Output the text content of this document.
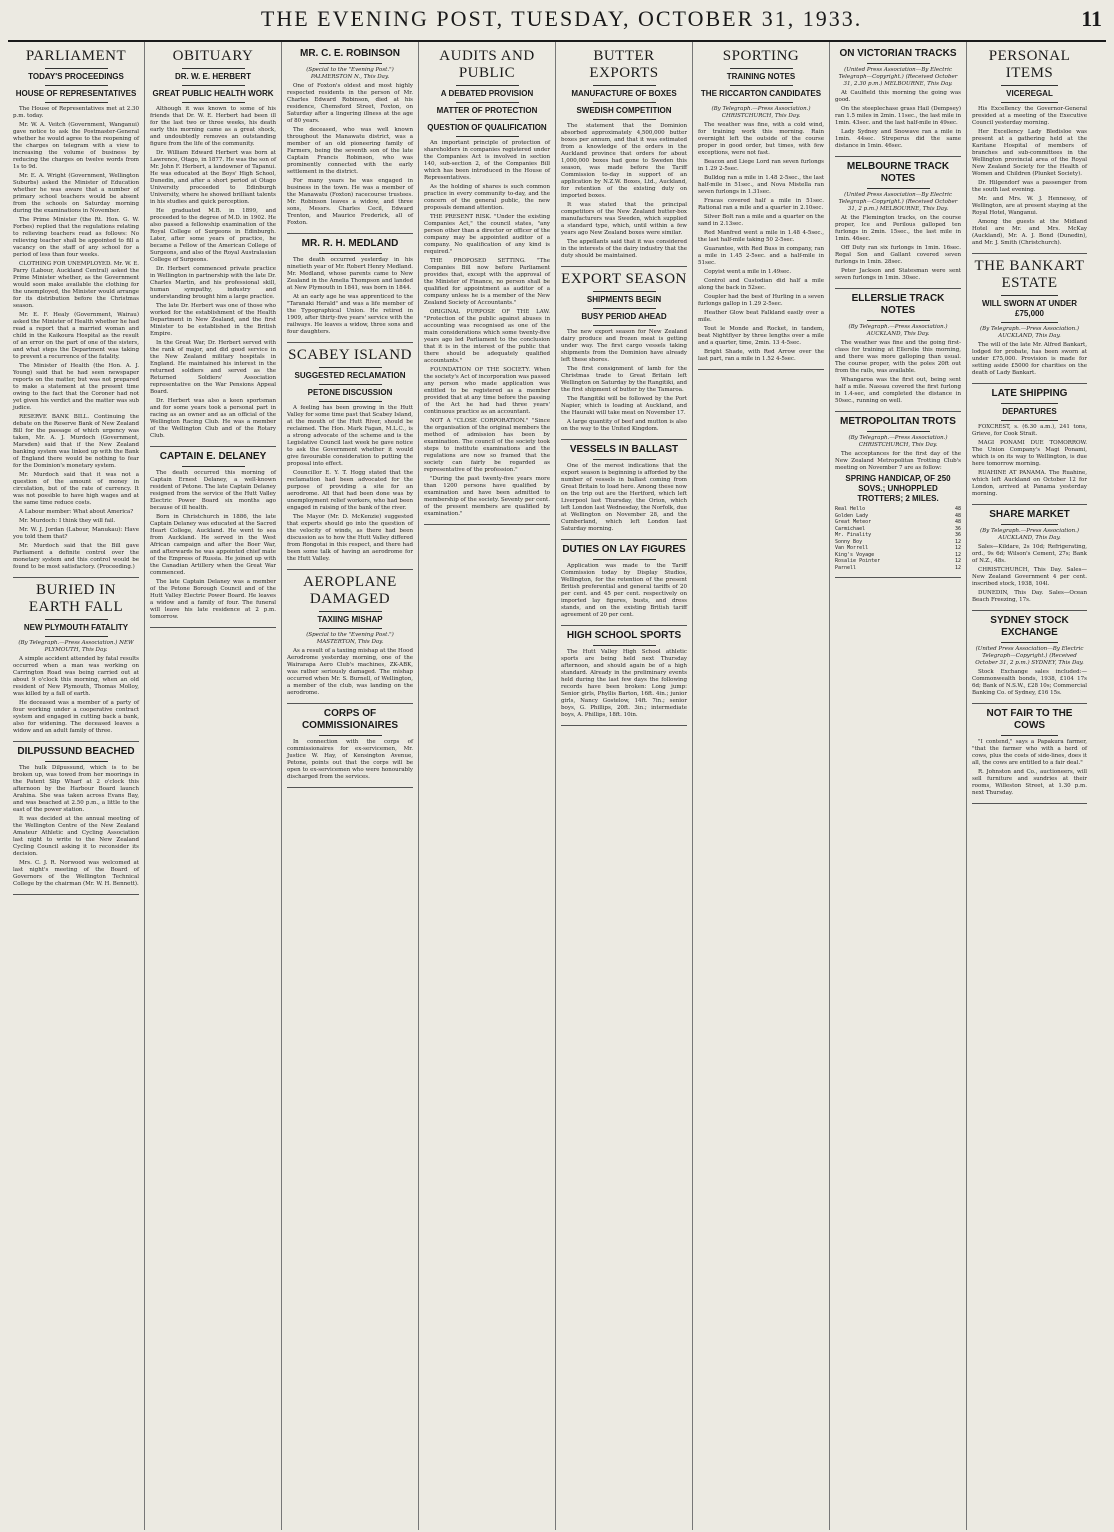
THE EVENING POST, TUESDAY, OCTOBER 31, 1933.	11
PARLIAMENT
TODAY'S PROCEEDINGS
HOUSE OF REPRESENTATIVES

The House of Representatives met at 2.30 p.m. today.

Mr. W. A. Veitch (Government, Wanganui) gave notice to ask the Postmaster-General whether he would agree to the reopening of the charges on telegram with a view to increasing the volume of business by reducing the charges on twelve words from 1s to 9d.

Mr. E. A. Wright (Government, Wellington Suburbs) asked the Minister of Education whether he was aware that a number of primary school teachers would be absent from the schools on Saturday morning during the examinations in November.

The Prime Minister (the Rt. Hon. G. W. Forbes) replied that the regulations relating to relieving teachers read as follows: No relieving teacher shall be appointed to fill a vacancy on the staff of any school for a period of less than four weeks.

CLOTHING FOR UNEMPLOYED. Mr. W. E. Parry (Labour, Auckland Central) asked the Prime Minister whether, as the Government would soon make available the clothing for the unemployed, the Minister would arrange for its distribution before the Christmas season.

Mr. E. F. Healy (Government, Wairau) asked the Minister of Health whether he had read a report that a married woman and child in the Kaikoura Hospital as the result of an error on the part of one of the sisters, and what steps the Department was taking to prevent a recurrence of the fatality.

The Minister of Health (the Hon. A. J. Young) said that he had seen newspaper reports on the matter, but was not prepared to make a statement at the present time owing to the fact that the Coroner had not yet given his verdict and the matter was sub judice.

RESERVE BANK BILL. Continuing the debate on the Reserve Bank of New Zealand Bill for the passage of which urgency was taken, Mr. A. J. Murdoch (Government, Marsden) said that if the New Zealand banking system was linked up with the Bank of England there would be nothing to fear for the Dominion's monetary system.

Mr. Murdoch said that it was not a question of the amount of money in circulation, but of the rate of currency. It was not possible to have high wages and at the same time reduce costs.

A Labour member: What about America?

Mr. Murdoch: I think they will fail.

Mr. W. J. Jordan (Labour, Manukau): Have you told them that?

Mr. Murdoch said that the Bill gave Parliament a definite control over the monetary system and this control would be found to be most satisfactory. (Proceeding.)

BURIED IN EARTH FALL
NEW PLYMOUTH FATALITY
(By Telegraph.—Press Association.) NEW PLYMOUTH, This Day.

A simple accident attended by fatal results occurred when a man was working on Carrington Road was being carried out at about 9 o'clock this morning, when an old resident of New Plymouth, Thomas Molloy, was killed by a fall of earth.

He deceased was a member of a party of four working under a cooperative contract system and engaged in cutting back a bank, also for widening. The deceased leaves a widow and an adult family of three.

DILPUSSUND BEACHED

The hulk Dilpussund, which is to be broken up, was towed from her moorings in the Patent Slip Wharf at 2 o'clock this afternoon by the Harbour Board launch Arahina. She was taken across Evans Bay, and was beached at 2.50 p.m., a little to the east of the power station.

It was decided at the annual meeting of the Wellington Centre of the New Zealand Amateur Athletic and Cycling Association last night to write to the New Zealand Cycling Council asking it to reconsider its decision.

Mrs. C. J. R. Norwood was welcomed at last night's meeting of the Board of Governors of the Wellington Technical College by the chairman (Mr. W. H. Bennett).

OBITUARY
DR. W. E. HERBERT
GREAT PUBLIC HEALTH WORK

Although it was known to some of his friends that Dr. W. E. Herbert had been ill for the last two or three weeks, his death early this morning came as a great shock, and undoubtedly removes an outstanding figure from the life of the community.

Dr. William Edward Herbert was born at Lawrence, Otago, in 1877. He was the son of Mr. John F. Herbert, a landowner of Tapanui. He was educated at the Boys' High School, Dunedin, and after a short period at Otago University proceeded to Edinburgh University, where he showed brilliant talents in his studies and quick perception.

He graduated M.B. in 1899, and proceeded to the degree of M.D. in 1902. He also passed a fellowship examination of the Royal College of Surgeons in Edinburgh. Later, after some years of practice, he became a Fellow of the American College of Surgeons, and also of the Royal Australasian College of Surgeons.

Dr. Herbert commenced private practice in Wellington in partnership with the late Dr. Charles Martin, and his professional skill, human sympathy, industry and understanding brought him a large practice.

The late Dr. Herbert was one of those who worked for the establishment of the Health Department in New Zealand, and the first Minister to be established in the British Empire.

In the Great War, Dr. Herbert served with the rank of major, and did good service in the New Zealand military hospitals in England. He maintained his interest in the returned soldiers and served as the Returned Soldiers' Association representative on the War Pensions Appeal Board.

Dr. Herbert was also a keen sportsman and for some years took a personal part in racing as an owner and as an official of the Wellington Racing Club. He was a member of the Wellington Club and of the Rotary Club.

CAPTAIN E. DELANEY

The death occurred this morning of Captain Ernest Delaney, a well-known resident of Petone. The late Captain Delaney resigned from the service of the Hutt Valley Electric Power Board six months ago because of ill health.

Born in Christchurch in 1886, the late Captain Delaney was educated at the Sacred Heart College, Auckland. He went to sea from Auckland. He served in the West African campaign and after the Boer War, and afterwards he was appointed chief mate of the Empress of Russia. He joined up with the Canadian Artillery when the Great War commenced.

The late Captain Delaney was a member of the Petone Borough Council and of the Hutt Valley Electric Power Board. He leaves a widow and a family of four. The funeral will leave his late residence at 2 p.m. tomorrow.

MR. C. E. ROBINSON
(Special to the "Evening Post.") PALMERSTON N., This Day.

One of Foxton's oldest and most highly respected residents in the person of Mr. Charles Edward Robinson, died at his residence, Chemsford Street, Foxton, on Saturday after a lingering illness at the age of 80 years.

The deceased, who was well known throughout the Manawatu district, was a member of an old pioneering family of Farmers, being the seventh son of the late Captain Francis Robinson, who was prominently connected with the early settlement in the district.

For many years he was engaged in business in the town. He was a member of the Manawatu (Foxton) racecourse trustees. Mr. Robinson leaves a widow, and three sons, Messrs. Charles Cecil, Edward Trenton, and Maurice Frederick, all of Foxton.

MR. R. H. MEDLAND

The death occurred yesterday in his ninetieth year of Mr. Robert Henry Medland. Mr. Medland, whose parents came to New Zealand in the Amelia Thompson and landed at New Plymouth in 1841, was born in 1844.

At an early age he was apprenticed to the "Taranaki Herald" and was a life member of the Typographical Union. He retired in 1909, after thirty-five years' service with the railways. He leaves a widow, three sons and four daughters.

SCABEY ISLAND
SUGGESTED RECLAMATION
PETONE DISCUSSION

A feeling has been growing in the Hutt Valley for some time past that Scabey Island, at the mouth of the Hutt River, should be reclaimed. The Hon. Mark Fagan, M.L.C., is a strong advocate of the scheme and is the Legislative Council last week he gave notice to ask the Government whether it would give favourable consideration to putting the proposal into effect.

Councillor E. Y. T. Hogg stated that the reclamation had been advocated for the purpose of providing a site for an aerodrome. All that had been done was by unemployment relief workers, who had been engaged in raising of the bank of the river.

The Mayor (Mr. D. McKenzie) suggested that experts should go into the question of the velocity of winds, as there had been discussion as to how the Hutt Valley differed from Rongotai in this respect, and there had been some talk of having an aerodrome for the Hutt Valley.

AEROPLANE DAMAGED
TAXIING MISHAP
(Special to the "Evening Post.") MASTERTON, This Day.

As a result of a taxiing mishap at the Hood Aerodrome yesterday morning, one of the Wairarapa Aero Club's machines, ZK-ABK, was rather seriously damaged. The mishap occurred when Mr. S. Burnell, of Wellington, a member of the club, was landing on the aerodrome.

CORPS OF COMMISSIONAIRES

In connection with the corps of commissionaires for ex-servicemen, Mr. Justice W. Hay, of Kensington Avenue, Petone, points out that the corps will be open to ex-servicemen who were honourably discharged from the services.

AUDITS AND PUBLIC
A DEBATED PROVISION
MATTER OF PROTECTION
QUESTION OF QUALIFICATION

An important principle of protection of shareholders in companies registered under the Companies Act is involved in section 140, sub-section 2, of the Companies Bill which has been introduced in the House of Representatives.

As the holding of shares is such common practice in every community to-day, and the concern of the general public, the new proposals demand attention.

THE PRESENT RISK. "Under the existing Companies Act," the council states, "any person other than a director or officer of the company may be appointed auditor of a company. No qualification of any kind is required."

THE PROPOSED SETTING. "The Companies Bill now before Parliament provides that, except with the approval of the Minister of Finance, no person shall be qualified for appointment as auditor of a company unless he is a member of the New Zealand Society of Accountants."

ORIGINAL PURPOSE OF THE LAW. "Protection of the public against abuses in accounting was recognised as one of the main considerations which some twenty-five years ago led Parliament to the conclusion that it is in the interest of the public that there should be adequately qualified accountants."

FOUNDATION OF THE SOCIETY. When the society's Act of incorporation was passed any person who made application was entitled to be registered as a member provided that at any time before the passing of the Act he had had three years' continuous practice as an accountant.

NOT A "CLOSE CORPORATION." "Since the organisation of the original members the method of admission has been by examination. The council of the society took steps to institute examinations and the regulations are now so framed that the society can fairly be regarded as representative of the profession."

"During the past twenty-five years more than 1200 persons have qualified by examination and have been admitted to membership of the society. Seventy per cent. of the present members are qualified by examination."

BUTTER EXPORTS
MANUFACTURE OF BOXES
SWEDISH COMPETITION

The statement that the Dominion absorbed approximately 4,500,000 butter boxes per annum, and that it was estimated from a knowledge of the orders in the Auckland province that orders for about 1,000,000 boxes had gone to Sweden this season, was made before the Tariff Commission to-day in support of an application by N.Z.W. Boxes, Ltd., Auckland, for retention of the existing duty on imported boxes.

It was stated that the principal competitors of the New Zealand butter-box manufacturers was Sweden, which supplied a standard type, which, until within a few years ago New Zealand boxes were similar.

The appellants said that it was considered in the interests of the dairy industry that the duty should be maintained.

EXPORT SEASON
SHIPMENTS BEGIN
BUSY PERIOD AHEAD

The new export season for New Zealand dairy produce and frozen meat is getting under way. The first cargo vessels taking shipments from the Dominion have already left these shores.

The first consignment of lamb for the Christmas trade to Great Britain left Wellington on Saturday by the Rangitiki, and the first shipment of butter by the Tamaroa.

The Rangitiki will be followed by the Port Napier, which is loading at Auckland, and the Hauraki will take meat on November 17.

A large quantity of beef and mutton is also on the way to the United Kingdom.

VESSELS IN BALLAST

One of the merest indications that the export season is beginning is afforded by the number of vessels in ballast coming from Great Britain to load here. Among these now on the trip out are the Hertford, which left Liverpool last Thursday, the Orion, which left London last Wednesday, the Norfolk, due at Wellington on November 28, and the Cumberland, which left London last Saturday morning.

DUTIES ON LAY FIGURES

Application was made to the Tariff Commission today by Display Studios, Wellington, for the retention of the present British preferential and general tariffs of 20 per cent. and 45 per cent. respectively on imported lay figures, busts, and dress stands, and on the existing British tariff agreement of 20 per cent.

HIGH SCHOOL SPORTS

The Hutt Valley High School athletic sports are being held next Thursday afternoon, and should again be of a high standard. Already in the preliminary events held during the last few days the following records have been broken: Long jump: Senior girls, Phyllis Barton, 16ft. 4in.; junior girls, Nancy Gostelow, 14ft. 7in.; senior boys, G. Phillips, 20ft. 3in.; intermediate boys, A. Phillips, 18ft. 10in.

SPORTING
TRAINING NOTES
THE RICCARTON CANDIDATES
(By Telegraph.—Press Association.) CHRISTCHURCH, This Day.

The weather was fine, with a cold wind, for training work this morning. Rain overnight left the outside of the course proper in good order, but times, with few exceptions, were not fast.

Beacon and Liege Lord ran seven furlongs in 1.29 2-5sec.

Bulldog ran a mile in 1.48 2-5sec., the last half-mile in 51sec., and Nova Mistella ran seven furlongs in 1.31sec.

Fracas covered half a mile in 51sec. Rational ran a mile and a quarter in 2.10sec.

Silver Bolt ran a mile and a quarter on the sand in 2.13sec.

Red Manfred went a mile in 1.48 4-5sec., the last half-mile taking 50 2-5sec.

Guarantee, with Red Buss in company, ran a mile in 1.45 2-5sec. and a half-mile in 51sec.

Copyist went a mile in 1.49sec.

Control and Custodian did half a mile along the back in 52sec.

Coupler had the best of Hurling in a seven furlongs gallop in 1.29 2-5sec.

Heather Glow beat Falkland easily over a mile.

Tout le Monde and Rocket, in tandem, beat Nightflyer by three lengths over a mile and a quarter, time, 2min. 13 4-5sec.

Bright Shade, with Red Arrow over the last part, ran a mile in 1.52 4-5sec.

ON VICTORIAN TRACKS
(United Press Association—By Electric Telegraph—Copyright.) (Received October 31, 2.30 p.m.) MELBOURNE, This Day.

At Caulfield this morning the going was good.

On the steeplechase grass Hail (Dempsey) ran 1.5 miles in 2min. 11sec., the last mile in 1min. 43sec. and the last half-mile in 49sec.

Lady Sydney and Snowave ran a mile in 1min. 44sec. Streperus did the same distance in 1min. 46sec.

MELBOURNE TRACK NOTES
(United Press Association—By Electric Telegraph—Copyright.) (Received October 31, 2 p.m.) MELBOURNE, This Day.

At the Flemington tracks, on the course proper, Ice and Perilous galloped ten furlongs in 2min. 15sec., the last mile in 1min. 46sec.

Off Duty ran six furlongs in 1min. 16sec. Regal Son and Gallant covered seven furlongs in 1min. 28sec.

Peter Jackson and Statesman were sent seven furlongs in 1min. 30sec.

ELLERSLIE TRACK NOTES
(By Telegraph.—Press Association.) AUCKLAND, This Day.

The weather was fine and the going first-class for training at Ellerslie this morning, and there was more galloping than usual. The course proper, with the poles 20ft out from the rails, was available.

Whangaroa was the first out, being sent half a mile. Nassau covered the first furlong in 1.4-sec, and completed the distance in 50sec., running on well.

METROPOLITAN TROTS
(By Telegraph.—Press Association.) CHRISTCHURCH, This Day.

The acceptances for the first day of the New Zealand Metropolitan Trotting Club's meeting on November 7 are as follow:

SPRING HANDICAP, OF 250 SOVS.; UNHOPPLED TROTTERS; 2 MILES.
Real Hello	48
Golden Lady	48
Great Meteor	48
Carmichael	36
Mr. Finality	36
Sonny Boy	12
Van Morrell	12
King's Voyage	12
Rosalie Pointer	12
Parnell	12
PERSONAL ITEMS
VICEREGAL

His Excellency the Governor-General presided at a meeting of the Executive Council yesterday morning.

Her Excellency Lady Bledisloe was present at a gathering held at the Karitane Hospital of members of branches and sub-committees in the Wellington provincial area of the Royal New Zealand Society for the Health of Women and Children (Plunket Society).

Dr. Hilgendorf was a passenger from the south last evening.

Mr. and Mrs. W. J. Hennessy, of Wellington, are at present staying at the Royal Hotel, Wanganui.

Among the guests at the Midland Hotel are Mr. and Mrs. McKay (Auckland), Mr. A. J. Bond (Dunedin), and Mr. J. Smith (Christchurch).

THE BANKART ESTATE
WILL SWORN AT UNDER £75,000
(By Telegraph.—Press Association.) AUCKLAND, This Day.

The will of the late Mr. Alfred Bankart, lodged for probate, has been sworn at under £75,000. Provision is made for setting aside £5000 for charities on the death of Lady Bankart.

LATE SHIPPING
DEPARTURES

FOXCREST, s. (6.30 a.m.), 241 tons, Grieve, for Cook Strait.

MAGI PONAMI DUE TOMORROW. The Union Company's Magi Ponami, which is on its way to Wellington, is due here tomorrow morning.

RUAHINE AT PANAMA. The Ruahine, which left Auckland on October 12 for London, arrived at Panama yesterday morning.

SHARE MARKET
(By Telegraph.—Press Association.) AUCKLAND, This Day.

Sales—Kildare, 2s 10d; Refrigerating, ord., 9s 6d; Wilson's Cement, 27s; Bank of N.Z., 48s.

CHRISTCHURCH, This Day. Sales—New Zealand Government 4 per cent. inscribed stock, 1938, 104l.

DUNEDIN, This Day. Sales—Ocean Beach Freezing, 17s.

SYDNEY STOCK EXCHANGE
(United Press Association—By Electric Telegraph—Copyright.) (Received October 31, 2 p.m.) SYDNEY, This Day.

Stock Exchange sales included:—Commonwealth bonds, 1938, £104 17s 6d; Bank of N.S.W., £28 10s; Commercial Banking Co. of Sydney, £16 15s.

NOT FAIR TO THE COWS

"I contend," says a Papakura farmer, "that the farmer who with a herd of cows, plus the costs of side-lines, does it all, the cows are entitled to a fair deal."

R. Johnston and Co., auctioneers, will sell furniture and sundries at their rooms, Willeston Street, at 1.30 p.m. next Thursday.
